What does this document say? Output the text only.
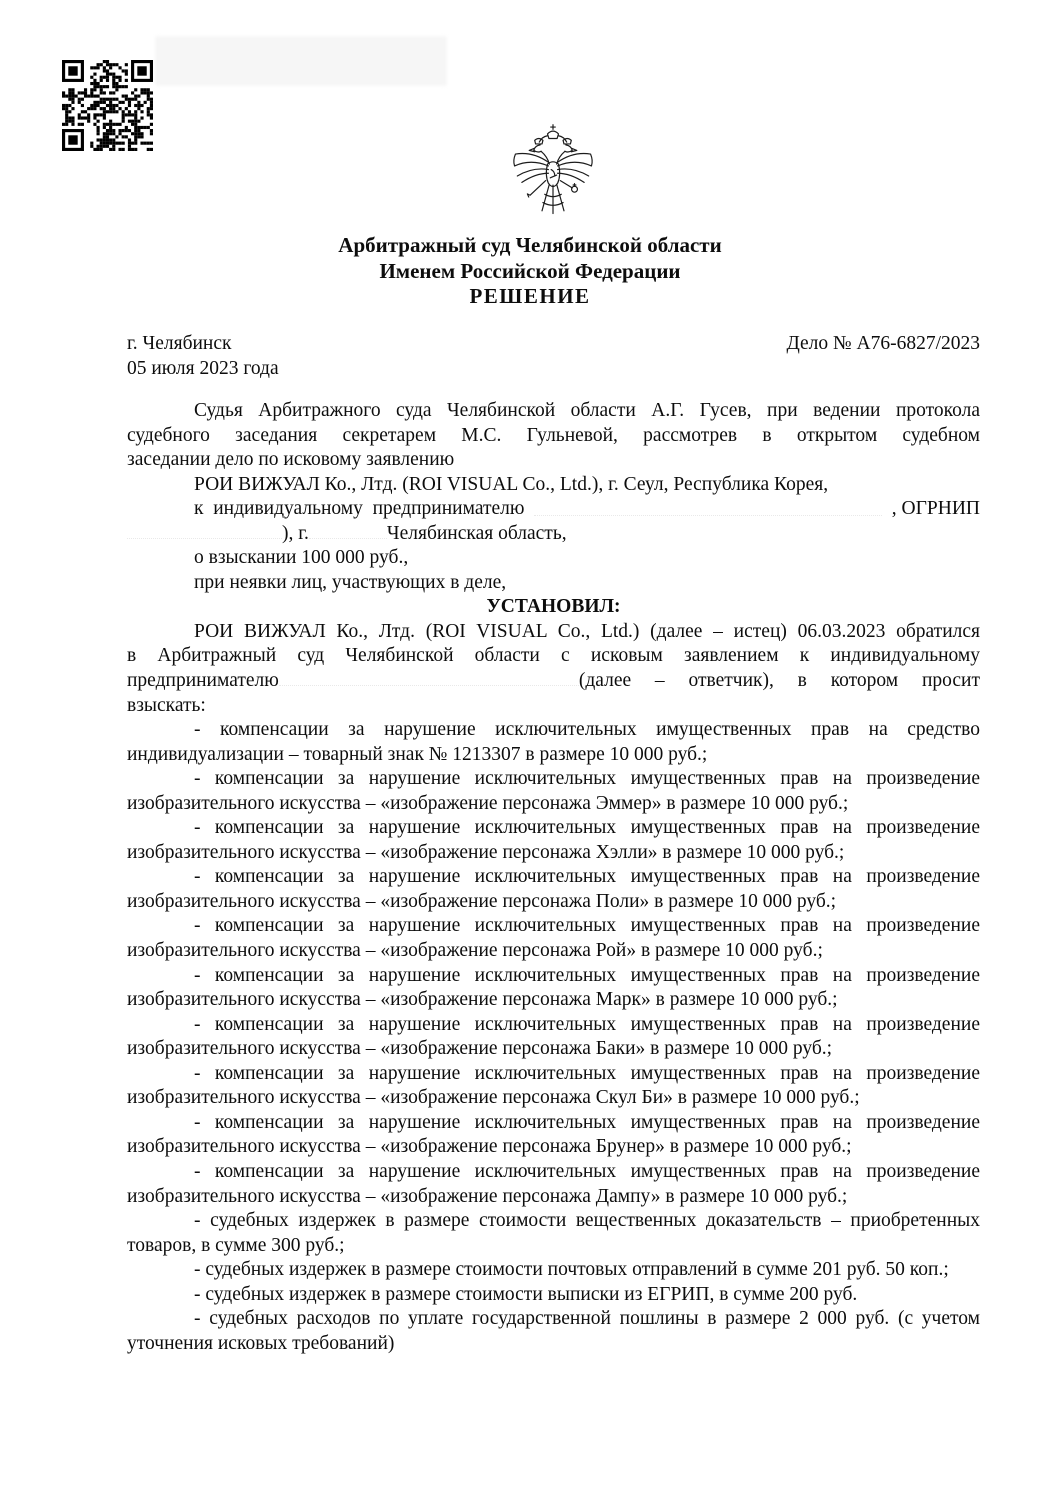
Арбитражный суд Челябинской области
Именем Российской Федерации
РЕШЕНИЕ
г. Челябинск	Дело № А76-6827/2023
05 июля 2023 года

Судья Арбитражного суда Челябинской области А.Г. Гусев, при ведении протокола

судебного заседания секретарем М.С. Гульневой, рассмотрев в открытом судебном

заседании дело по исковому заявлению

РОИ ВИЖУАЛ Ко., Лтд. (ROI VISUAL Co., Ltd.), г. Сеул, Республика Корея,

к  индивидуальному  предпринимателю	, ОГРНИП

), г.	Челябинская область,

о взыскании 100 000 руб.,

при неявки лиц, участвующих в деле,

УСТАНОВИЛ:

РОИ ВИЖУАЛ Ко., Лтд. (ROI VISUAL Co., Ltd.) (далее – истец) 06.03.2023 обратился

в Арбитражный суд Челябинской области с исковым заявлением к индивидуальному

предпринимателю	(далее – ответчик), в котором просит

взыскать:

- компенсации за нарушение исключительных имущественных прав на средство

индивидуализации – товарный знак № 1213307 в размере 10 000 руб.;

- компенсации за нарушение исключительных имущественных прав на произведение

изобразительного искусства – «изображение персонажа Эммер» в размере 10 000 руб.;

- компенсации за нарушение исключительных имущественных прав на произведение

изобразительного искусства – «изображение персонажа Хэлли» в размере 10 000 руб.;

- компенсации за нарушение исключительных имущественных прав на произведение

изобразительного искусства – «изображение персонажа Поли» в размере 10 000 руб.;

- компенсации за нарушение исключительных имущественных прав на произведение

изобразительного искусства – «изображение персонажа Рой» в размере 10 000 руб.;

- компенсации за нарушение исключительных имущественных прав на произведение

изобразительного искусства – «изображение персонажа Марк» в размере 10 000 руб.;

- компенсации за нарушение исключительных имущественных прав на произведение

изобразительного искусства – «изображение персонажа Баки» в размере 10 000 руб.;

- компенсации за нарушение исключительных имущественных прав на произведение

изобразительного искусства – «изображение персонажа Скул Би» в размере 10 000 руб.;

- компенсации за нарушение исключительных имущественных прав на произведение

изобразительного искусства – «изображение персонажа Брунер» в размере 10 000 руб.;

- компенсации за нарушение исключительных имущественных прав на произведение

изобразительного искусства – «изображение персонажа Дампу» в размере 10 000 руб.;

- судебных издержек в размере стоимости вещественных доказательств – приобретенных

товаров, в сумме 300 руб.;

- судебных издержек в размере стоимости почтовых отправлений в сумме 201 руб. 50 коп.;

- судебных издержек в размере стоимости выписки из ЕГРИП, в сумме 200 руб.

- судебных расходов по уплате государственной пошлины в размере 2 000 руб. (с учетом

уточнения исковых требований)
